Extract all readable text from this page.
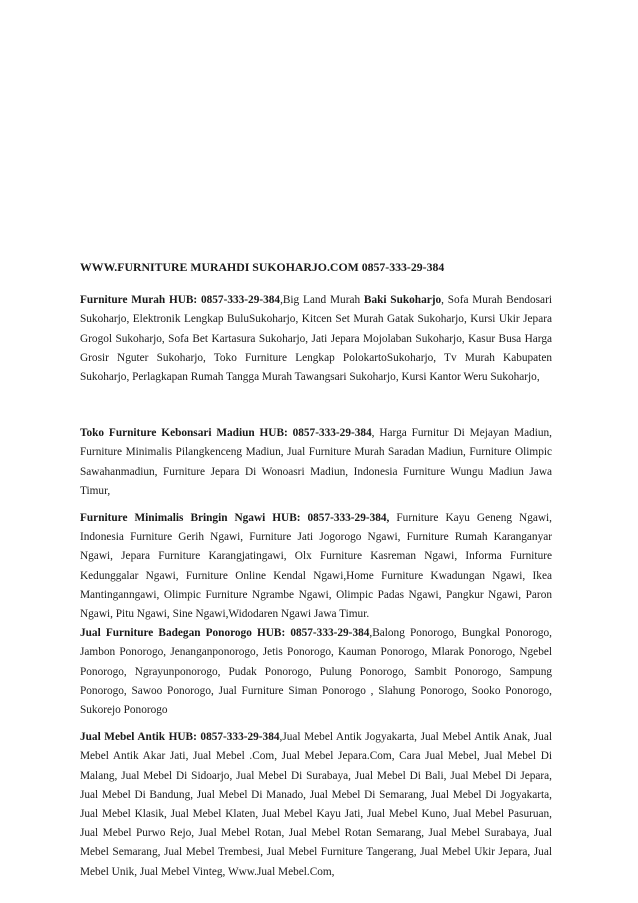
WWW.FURNITURE MURAHDI SUKOHARJO.COM 0857-333-29-384

Furniture Murah HUB: 0857-333-29-384,Big Land Murah Baki Sukoharjo, Sofa Murah Bendosari Sukoharjo, Elektronik Lengkap BuluSukoharjo, Kitcen Set Murah Gatak Sukoharjo, Kursi Ukir Jepara Grogol Sukoharjo, Sofa Bet Kartasura Sukoharjo, Jati Jepara Mojolaban Sukoharjo, Kasur Busa Harga Grosir Nguter Sukoharjo, Toko Furniture Lengkap PolokartoSukoharjo, Tv Murah Kabupaten Sukoharjo, Perlagkapan Rumah Tangga Murah Tawangsari Sukoharjo, Kursi Kantor Weru Sukoharjo,

Toko Furniture Kebonsari Madiun HUB: 0857-333-29-384, Harga Furnitur Di Mejayan Madiun, Furniture Minimalis Pilangkenceng Madiun, Jual Furniture Murah Saradan Madiun, Furniture Olimpic Sawahanmadiun, Furniture Jepara Di Wonoasri Madiun, Indonesia Furniture Wungu Madiun Jawa Timur,

Furniture Minimalis Bringin Ngawi HUB: 0857-333-29-384, Furniture Kayu Geneng Ngawi, Indonesia Furniture Gerih Ngawi, Furniture Jati Jogorogo Ngawi, Furniture Rumah Karanganyar Ngawi, Jepara Furniture Karangjatingawi, Olx Furniture Kasreman Ngawi, Informa Furniture Kedunggalar Ngawi, Furniture Online Kendal Ngawi,Home Furniture Kwadungan Ngawi, Ikea Mantinganngawi, Olimpic Furniture Ngrambe Ngawi, Olimpic Padas Ngawi, Pangkur Ngawi, Paron Ngawi, Pitu Ngawi, Sine Ngawi,Widodaren Ngawi Jawa Timur.

Jual Furniture Badegan Ponorogo HUB: 0857-333-29-384,Balong Ponorogo, Bungkal Ponorogo, Jambon Ponorogo, Jenanganponorogo, Jetis Ponorogo, Kauman Ponorogo, Mlarak Ponorogo, Ngebel Ponorogo, Ngrayunponorogo, Pudak Ponorogo, Pulung Ponorogo, Sambit Ponorogo, Sampung Ponorogo, Sawoo Ponorogo, Jual Furniture Siman Ponorogo , Slahung Ponorogo, Sooko Ponorogo, Sukorejo Ponorogo

Jual Mebel Antik HUB: 0857-333-29-384,Jual Mebel Antik Jogyakarta, Jual Mebel Antik Anak, Jual Mebel Antik Akar Jati, Jual Mebel .Com, Jual Mebel Jepara.Com, Cara Jual Mebel, Jual Mebel Di Malang, Jual Mebel Di Sidoarjo, Jual Mebel Di Surabaya, Jual Mebel Di Bali, Jual Mebel Di Jepara, Jual Mebel Di Bandung, Jual Mebel Di Manado, Jual Mebel Di Semarang, Jual Mebel Di Jogyakarta, Jual Mebel Klasik, Jual Mebel Klaten, Jual Mebel Kayu Jati, Jual Mebel Kuno, Jual Mebel Pasuruan, Jual Mebel Purwo Rejo, Jual Mebel Rotan, Jual Mebel Rotan Semarang, Jual Mebel Surabaya, Jual Mebel Semarang, Jual Mebel Trembesi, Jual Mebel Furniture Tangerang, Jual Mebel Ukir Jepara, Jual Mebel Unik, Jual Mebel Vinteg, Www.Jual Mebel.Com,
